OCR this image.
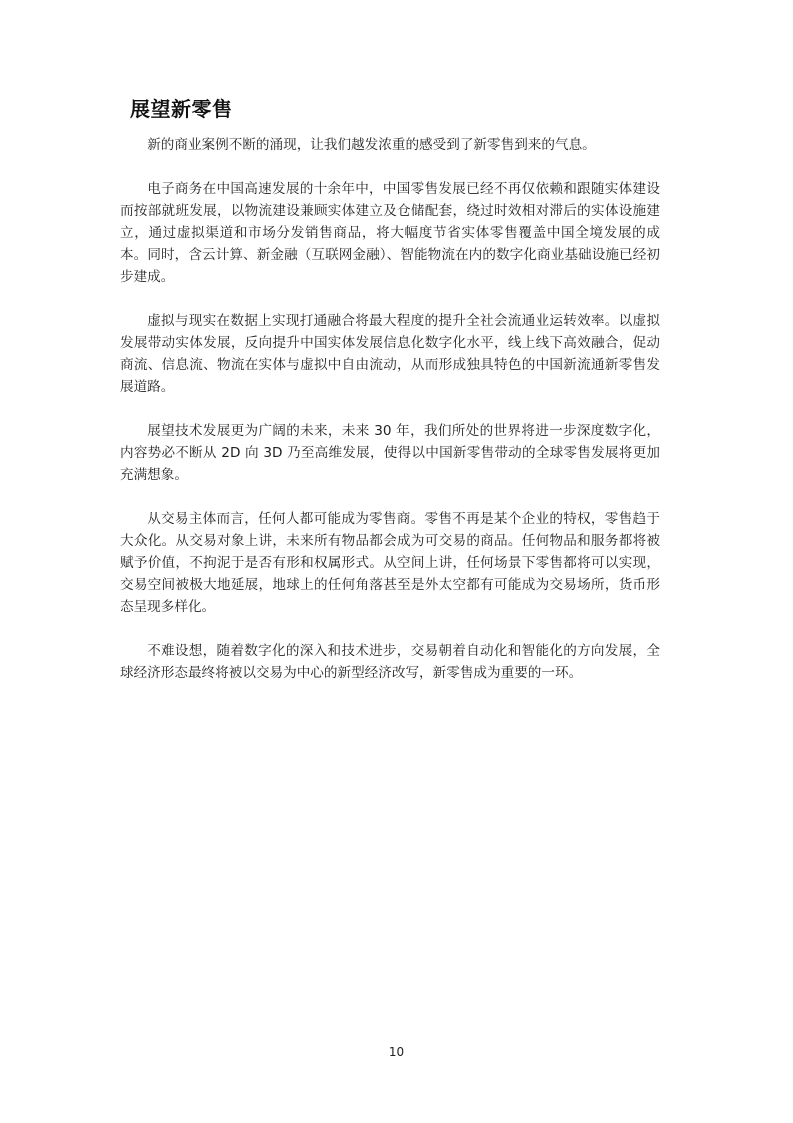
展望新零售

新的商业案例不断的涌现，让我们越发浓重的感受到了新零售到来的气息。

电子商务在中国高速发展的十余年中，中国零售发展已经不再仅依赖和跟随实体建设而按部就班发展，以物流建设兼顾实体建立及仓储配套，绕过时效相对滞后的实体设施建立，通过虚拟渠道和市场分发销售商品，将大幅度节省实体零售覆盖中国全境发展的成本。同时，含云计算、新金融（互联网金融）、智能物流在内的数字化商业基础设施已经初步建成。

虚拟与现实在数据上实现打通融合将最大程度的提升全社会流通业运转效率。以虚拟发展带动实体发展，反向提升中国实体发展信息化数字化水平，线上线下高效融合，促动商流、信息流、物流在实体与虚拟中自由流动，从而形成独具特色的中国新流通新零售发展道路。

展望技术发展更为广阔的未来，未来 30 年，我们所处的世界将进一步深度数字化，内容势必不断从 2D 向 3D 乃至高维发展，使得以中国新零售带动的全球零售发展将更加充满想象。

从交易主体而言，任何人都可能成为零售商。零售不再是某个企业的特权，零售趋于大众化。从交易对象上讲，未来所有物品都会成为可交易的商品。任何物品和服务都将被赋予价值，不拘泥于是否有形和权属形式。从空间上讲，任何场景下零售都将可以实现，交易空间被极大地延展，地球上的任何角落甚至是外太空都有可能成为交易场所，货币形态呈现多样化。

不难设想，随着数字化的深入和技术进步，交易朝着自动化和智能化的方向发展，全球经济形态最终将被以交易为中心的新型经济改写，新零售成为重要的一环。

10
